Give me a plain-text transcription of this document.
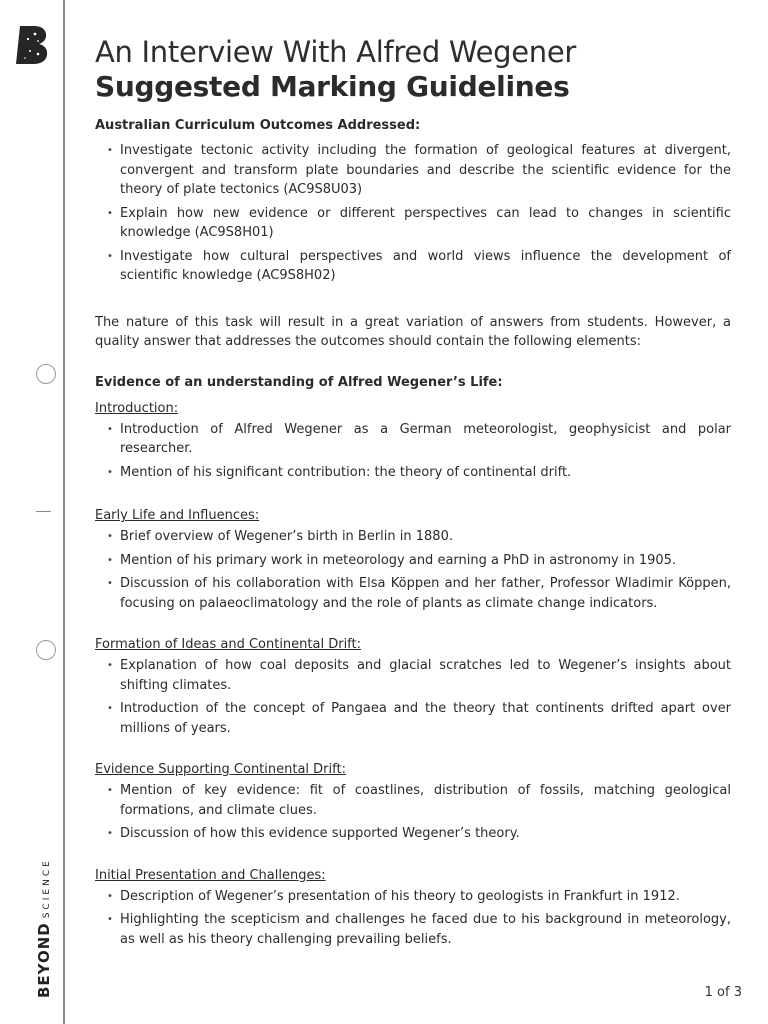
BEYONDSCIENCE
An Interview With Alfred Wegener
Suggested Marking Guidelines
Australian Curriculum Outcomes Addressed:
• Investigate tectonic activity including the formation of geological features at divergent, convergent and transform plate boundaries and describe the scientific evidence for the theory of plate tectonics (AC9S8U03)
• Explain how new evidence or different perspectives can lead to changes in scientific knowledge (AC9S8H01)
• Investigate how cultural perspectives and world views influence the development of scientific knowledge (AC9S8H02)
The nature of this task will result in a great variation of answers from students. However, a quality answer that addresses the outcomes should contain the following elements:
Evidence of an understanding of Alfred Wegener’s Life:
Introduction:
• Introduction of Alfred Wegener as a German meteorologist, geophysicist and polar researcher.
• Mention of his significant contribution: the theory of continental drift.
Early Life and Influences:
• Brief overview of Wegener’s birth in Berlin in 1880.
• Mention of his primary work in meteorology and earning a PhD in astronomy in 1905.
• Discussion of his collaboration with Elsa Köppen and her father, Professor Wladimir Köppen, focusing on palaeoclimatology and the role of plants as climate change indicators.
Formation of Ideas and Continental Drift:
• Explanation of how coal deposits and glacial scratches led to Wegener’s insights about shifting climates.
• Introduction of the concept of Pangaea and the theory that continents drifted apart over millions of years.
Evidence Supporting Continental Drift:
• Mention of key evidence: fit of coastlines, distribution of fossils, matching geological formations, and climate clues.
• Discussion of how this evidence supported Wegener’s theory.
Initial Presentation and Challenges:
• Description of Wegener’s presentation of his theory to geologists in Frankfurt in 1912.
• Highlighting the scepticism and challenges he faced due to his background in meteorology, as well as his theory challenging prevailing beliefs.
1 of 3
